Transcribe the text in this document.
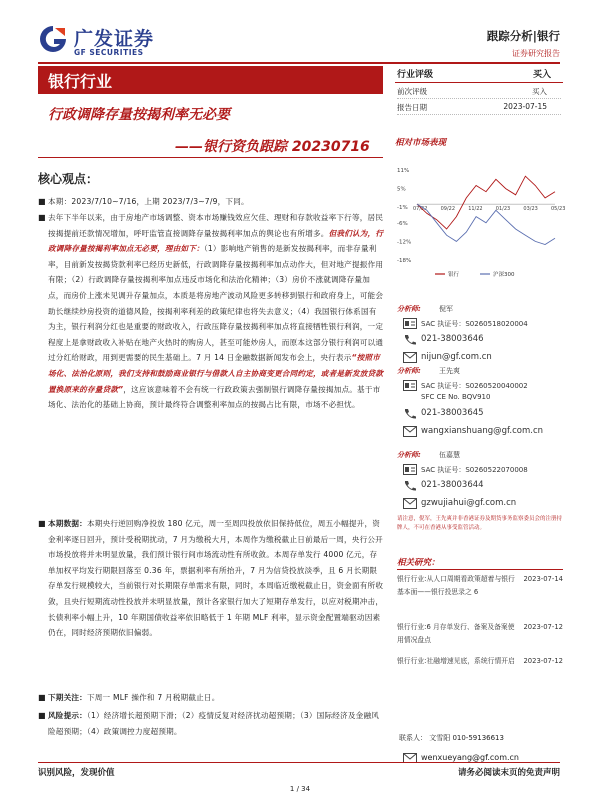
广发证券
GF SECURITIES
跟踪分析|银行
证券研究报告
银行行业
行政调降存量按揭利率无必要
——银行资负跟踪 20230716
核心观点：
■ 本期：2023/7/10~7/16，上期 2023/7/3~7/9，下同。
■ 去年下半年以来，由于房地产市场调整、资本市场赚钱效应欠佳、理财和存款收益率下行等，居民按揭提前还款情况增加，呼吁监管直接调降存量按揭利率加点的舆论也有所增多。但我们认为，行政调降存量按揭利率加点无必要，理由如下：（1）影响地产销售的是新发按揭利率，而非存量利率，目前新发按揭贷款利率已经历史新低，行政调降存量按揭利率加点动作大，但对地产提振作用有限；（2）行政调降存量按揭利率加点违反市场化和法治化精神；（3）房价不涨就调降存量加点，而房价上涨未见调升存量加点，本质是将房地产波动风险更多转移到银行和政府身上，可能会助长继续炒房投资的道德风险，按揭利率利差的政策纪律也将失去意义；（4）我国银行体系国有为主，银行利润分红也是重要的财政收入，行政压降存量按揭利率加点将直接牺牲银行利润，一定程度上是拿财政收入补贴在地产火热时的购房人，甚至可能炒房人，而原本这部分银行利润可以通过分红给财政，用到更需要的民生基础上。7 月 14 日金融数据新闻发布会上，央行表示“按照市场化、法治化原则，我们支持和鼓励商业银行与借款人自主协商变更合同约定，或者是新发放贷款置换原来的存量贷款”，这应该意味着不会有统一行政政策去强制银行调降存量按揭加点。基于市场化、法治化的基础上协商，预计最终符合调整利率加点的按揭占比有限，市场不必担忧。
■ 本期数据：本期央行逆回购净投放 180 亿元，周一至周四投放依旧保持低位，周五小幅提升，资金利率逐日回升，预计受税期扰动，7 月为缴税大月，本周作为缴税截止日前最后一周，央行公开市场投放将并未明显放量，我们预计银行间市场流动性有所收敛。本周存单发行 4000 亿元，存单加权平均发行期限回落至 0.36 年，票据利率有所抬升，7 月为信贷投放淡季，且 6 月长期限存单发行规模较大，当前银行对长期限存单需求有限，同时，本周临近缴税截止日，资金面有所收敛，且央行短期流动性投放并未明显放量，预计各家银行加大了短期存单发行，以应对税期冲击，长债利率小幅上升，10 年期国债收益率依旧略低于 1 年期 MLF 利率，显示资金配置端驱动因素仍在，同时经济预期依旧偏弱。
■ 下期关注：下周一 MLF 操作和 7 月税期截止日。
■ 风险提示：（1）经济增长超预期下滑；（2）疫情反复对经济扰动超预期；（3）国际经济及金融风险超预期；（4）政策调控力度超预期。
行业评级	买入
前次评级	买入
报告日期	2023-07-15
相对市场表现
11%
5%
-1%
-6%
-12%
-18%
07/22	09/22	11/22	01/23	03/23	05/23
银行	沪深300
分析师:	倪军
SAC 执证号：S0260518020004
021-38003646
nijun@gf.com.cn
分析师:	王先爽
SAC 执证号：S0260520040002
SFC CE No. BQV910
021-38003645
wangxianshuang@gf.com.cn
分析师:	伍嘉慧
SAC 执证号：S0260522070008
021-38003644
gzwujiahui@gf.com.cn
请注意，倪军，王先爽并非香港证券及期货事务监察委员会的注册持牌人，不可在香港从事受监管活动。
相关研究：
银行行业:从人口周期看政策超着与银行基本面——银行投思录之 6
2023-07-14
银行行业:6 月存单发行、备案及备案使用情况盘点
2023-07-12
银行行业:社融增速见底，系统行情开启	2023-07-12
联系人： 文雪阳 010-59136613
wenxueyang@gf.com.cn
识别风险，发现价值	请务必阅读末页的免责声明
1 / 34
